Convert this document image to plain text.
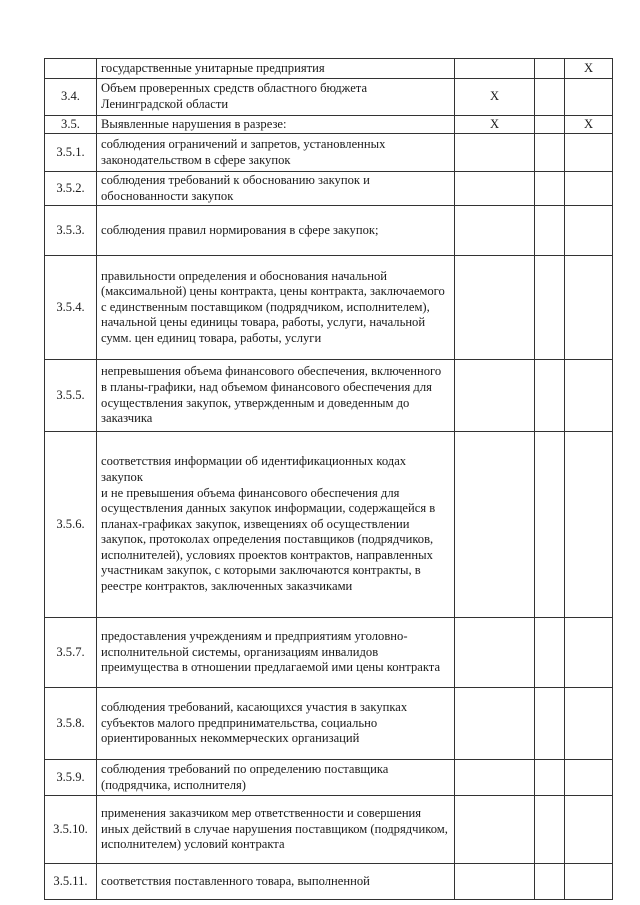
	государственные унитарные предприятия			X
3.4.	Объем проверенных средств областного бюджета Ленинградской области	X		
3.5.	Выявленные нарушения в разрезе:	X		X
3.5.1.	соблюдения ограничений и запретов, установленных законодательством в сфере закупок			
3.5.2.	соблюдения требований к обоснованию закупок и обоснованности закупок			
3.5.3.	соблюдения правил нормирования в сфере закупок;			
3.5.4.	правильности определения и обоснования начальной (максимальной) цены контракта, цены контракта, заключаемого с единственным поставщиком (подрядчиком, исполнителем), начальной цены единицы товара, работы, услуги, начальной сумм. цен единиц товара, работы, услуги			
3.5.5.	непревышения объема финансового обеспечения, включенного в планы-графики, над объемом финансового обеспечения для осуществления закупок, утвержденным и доведенным до заказчика			
3.5.6.	соответствия информации об идентификационных кодах закупок
и не превышения объема финансового обеспечения для осуществления данных закупок информации, содержащейся в планах-графиках закупок, извещениях об осуществлении закупок, протоколах определения поставщиков (подрядчиков, исполнителей), условиях проектов контрактов, направленных участникам закупок, с которыми заключаются контракты, в реестре контрактов, заключенных заказчиками			
3.5.7.	предоставления учреждениям и предприятиям уголовно-исполнительной системы, организациям инвалидов преимущества в отношении предлагаемой ими цены контракта			
3.5.8.	соблюдения требований, касающихся участия в закупках субъектов малого предпринимательства, социально ориентированных некоммерческих организаций			
3.5.9.	соблюдения требований по определению поставщика (подрядчика, исполнителя)			
3.5.10.	применения заказчиком мер ответственности и совершения иных действий в случае нарушения поставщиком (подрядчиком, исполнителем) условий контракта			
3.5.11.	соответствия поставленного товара, выполненной			
